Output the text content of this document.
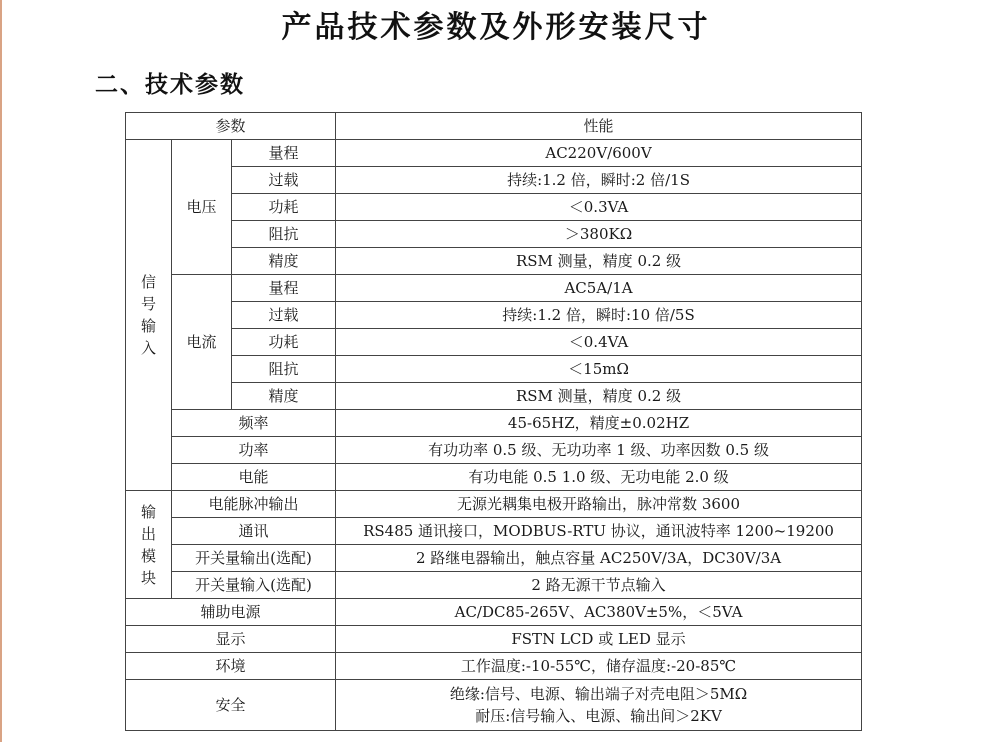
产品技术参数及外形安装尺寸
二、技术参数
参数			性能

信
号
输
入	电压	量程	AC220V/600V
		过载	持续:1.2 倍，瞬时:2 倍/1S
		功耗	＜0.3VA
		阻抗	＞380KΩ
		精度	RSM 测量，精度 0.2 级
	电流	量程	AC5A/1A
		过载	持续:1.2 倍，瞬时:10 倍/5S
		功耗	＜0.4VA
		阻抗	＜15mΩ
		精度	RSM 测量，精度 0.2 级
	频率		45-65HZ，精度±0.02HZ
	功率		有功功率 0.5 级、无功功率 1 级、功率因数 0.5 级
	电能		有功电能 0.5 1.0 级、无功电能 2.0 级

输
出
模
块	电能脉冲输出		无源光耦集电极开路输出，脉冲常数 3600
	通讯		RS485 通讯接口，MODBUS-RTU 协议，通讯波特率 1200~19200
	开关量输出(选配)		2 路继电器输出，触点容量 AC250V/3A，DC30V/3A
	开关量输入(选配)		2 路无源干节点输入
辅助电源			AC/DC85-265V、AC380V±5%，＜5VA
显示			FSTN LCD 或 LED 显示
环境			工作温度:-10-55℃，储存温度:-20-85℃
安全			绝缘:信号、电源、输出端子对壳电阻＞5MΩ
耐压:信号输入、电源、输出间＞2KV
